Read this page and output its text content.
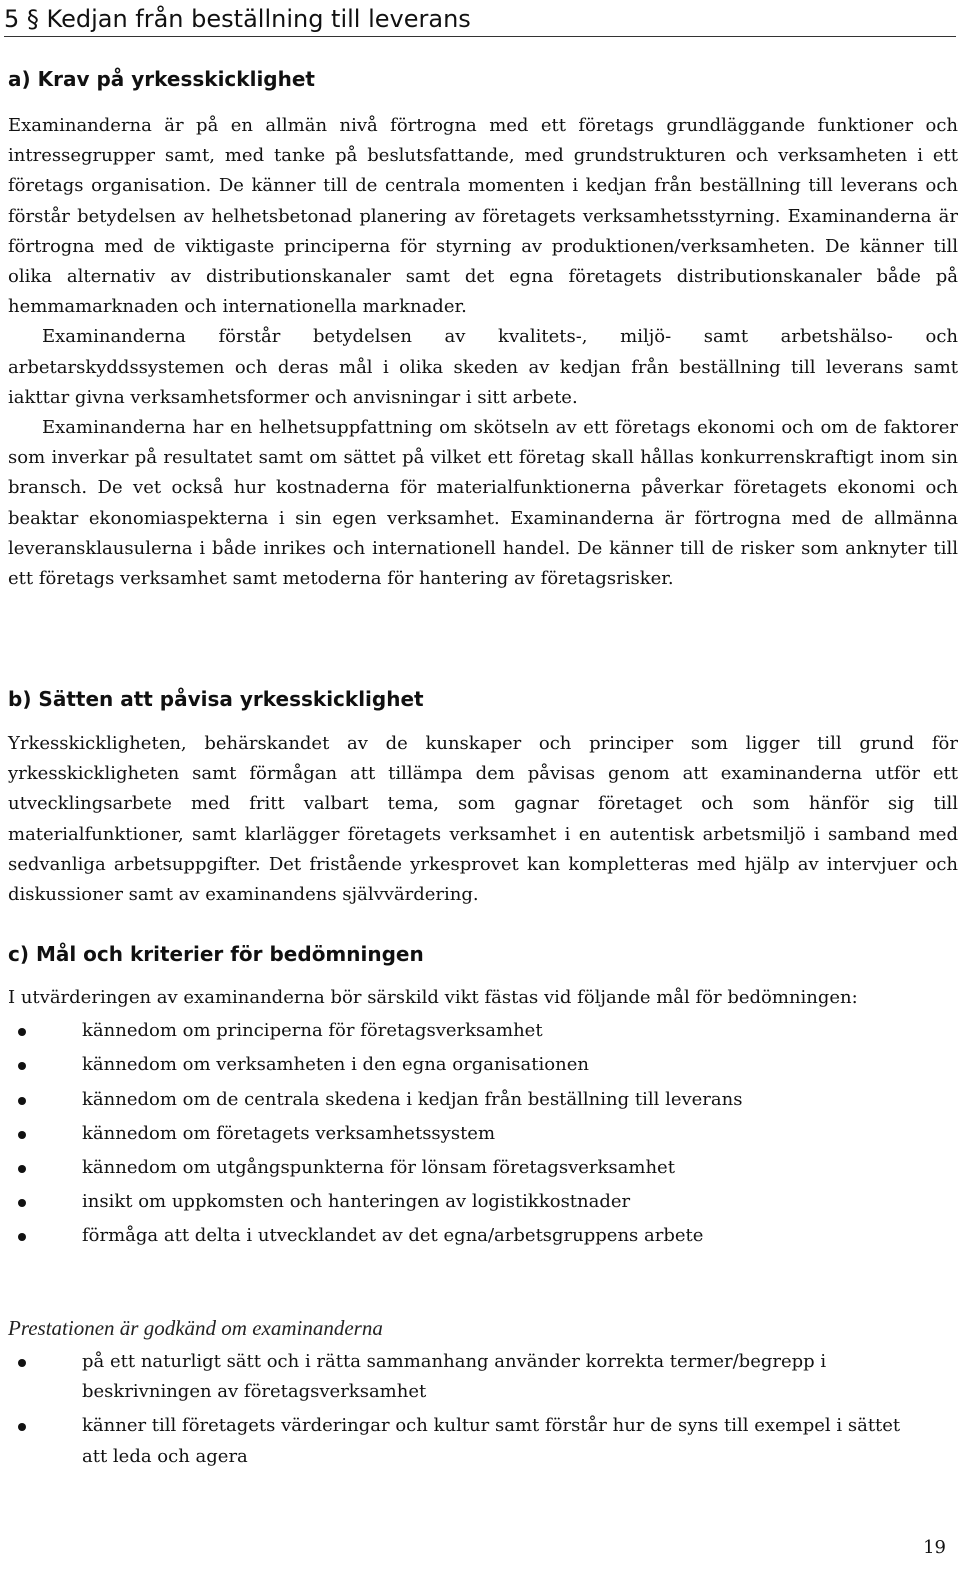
5 § Kedjan från beställning till leverans
a) Krav på yrkesskicklighet

Examinanderna är på en allmän nivå förtrogna med ett företags grundläggande funktioner och intressegrupper samt, med tanke på beslutsfattande, med grundstrukturen och verksamheten i ett företags organisation. De känner till de centrala momenten i kedjan från beställning till leverans och förstår betydelsen av helhetsbetonad planering av företagets verksamhetsstyrning. Examinanderna är förtrogna med de viktigaste principerna för styrning av produktionen/verksamheten. De känner till olika alternativ av distributionskanaler samt det egna företagets distributionskanaler både på hemmamarknaden och internationella marknader.

Examinanderna förstår betydelsen av kvalitets-, miljö- samt arbetshälso- och arbetarskyddssystemen och deras mål i olika skeden av kedjan från beställning till leverans samt iakttar givna verksamhetsformer och anvisningar i sitt arbete.

Examinanderna har en helhetsuppfattning om skötseln av ett företags ekonomi och om de faktorer som inverkar på resultatet samt om sättet på vilket ett företag skall hållas konkurrenskraftigt inom sin bransch. De vet också hur kostnaderna för materialfunktionerna påverkar företagets ekonomi och beaktar ekonomiaspekterna i sin egen verksamhet. Examinanderna är förtrogna med de allmänna leveransklausulerna i både inrikes och internationell handel. De känner till de risker som anknyter till ett företags verksamhet samt metoderna för hantering av företagsrisker.

b) Sätten att påvisa yrkesskicklighet

Yrkesskickligheten, behärskandet av de kunskaper och principer som ligger till grund för yrkesskickligheten samt förmågan att tillämpa dem påvisas genom att examinanderna utför ett utvecklingsarbete med fritt valbart tema, som gagnar företaget och som hänför sig till materialfunktioner, samt klarlägger företagets verksamhet i en autentisk arbetsmiljö i samband med sedvanliga arbetsuppgifter. Det fristående yrkesprovet kan kompletteras med hjälp av intervjuer och diskussioner samt av examinandens självvärdering.

c) Mål och kriterier för bedömningen

I utvärderingen av examinanderna bör särskild vikt fästas vid följande mål för bedömningen:

kännedom om principerna för företagsverksamhet
kännedom om verksamheten i den egna organisationen
kännedom om de centrala skedena i kedjan från beställning till leverans
kännedom om företagets verksamhetssystem
kännedom om utgångspunkterna för lönsam företagsverksamhet
insikt om uppkomsten och hanteringen av logistikkostnader
förmåga att delta i utvecklandet av det egna/arbetsgruppens arbete
Prestationen är godkänd om examinanderna
på ett naturligt sätt och i rätta sammanhang använder korrekta termer/begrepp i beskrivningen av företagsverksamhet
känner till företagets värderingar och kultur samt förstår hur de syns till exempel i sättet att leda och agera
19
